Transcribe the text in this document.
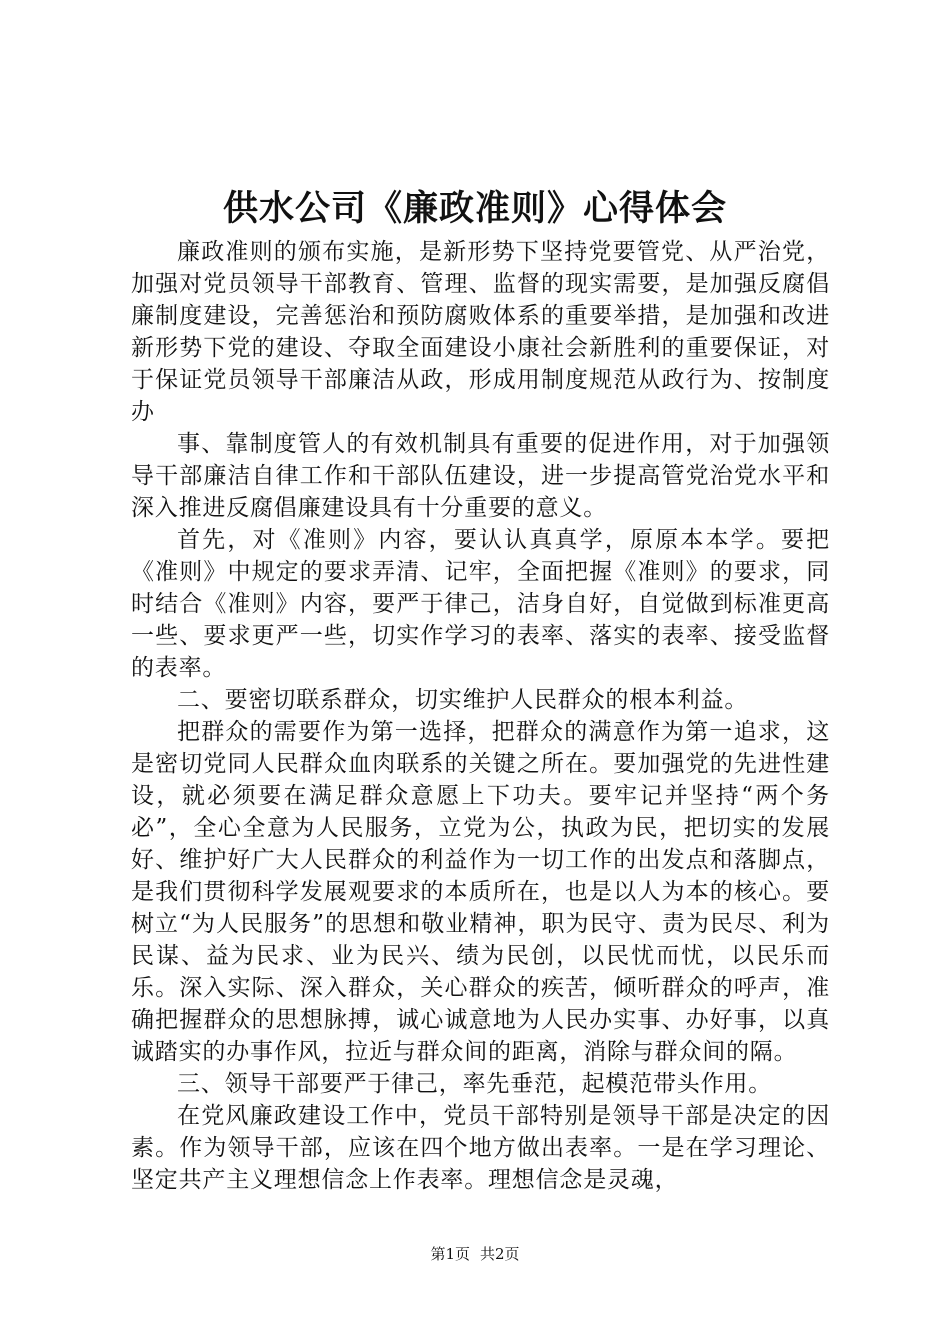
供水公司《廉政准则》心得体会

廉政准则的颁布实施，是新形势下坚持党要管党、从严治党，加强对党员领导干部教育、管理、监督的现实需要，是加强反腐倡廉制度建设，完善惩治和预防腐败体系的重要举措，是加强和改进新形势下党的建设、夺取全面建设小康社会新胜利的重要保证，对于保证党员领导干部廉洁从政，形成用制度规范从政行为、按制度办

事、靠制度管人的有效机制具有重要的促进作用，对于加强领导干部廉洁自律工作和干部队伍建设，进一步提高管党治党水平和深入推进反腐倡廉建设具有十分重要的意义。

首先，对《准则》内容，要认认真真学，原原本本学。要把《准则》中规定的要求弄清、记牢，全面把握《准则》的要求，同时结合《准则》内容，要严于律己，洁身自好，自觉做到标准更高一些、要求更严一些，切实作学习的表率、落实的表率、接受监督的表率。

二、要密切联系群众，切实维护人民群众的根本利益。

把群众的需要作为第一选择，把群众的满意作为第一追求，这是密切党同人民群众血肉联系的关键之所在。要加强党的先进性建设，就必须要在满足群众意愿上下功夫。要牢记并坚持“两个务必”，全心全意为人民服务，立党为公，执政为民，把切实的发展好、维护好广大人民群众的利益作为一切工作的出发点和落脚点，是我们贯彻科学发展观要求的本质所在，也是以人为本的核心。要树立“为人民服务”的思想和敬业精神，职为民守、责为民尽、利为民谋、益为民求、业为民兴、绩为民创，以民忧而忧，以民乐而乐。深入实际、深入群众，关心群众的疾苦，倾听群众的呼声，准确把握群众的思想脉搏，诚心诚意地为人民办实事、办好事，以真诚踏实的办事作风，拉近与群众间的距离，消除与群众间的隔。

三、领导干部要严于律己，率先垂范，起模范带头作用。

在党风廉政建设工作中，党员干部特别是领导干部是决定的因素。作为领导干部，应该在四个地方做出表率。一是在学习理论、坚定共产主义理想信念上作表率。理想信念是灵魂，

第1页 共2页
